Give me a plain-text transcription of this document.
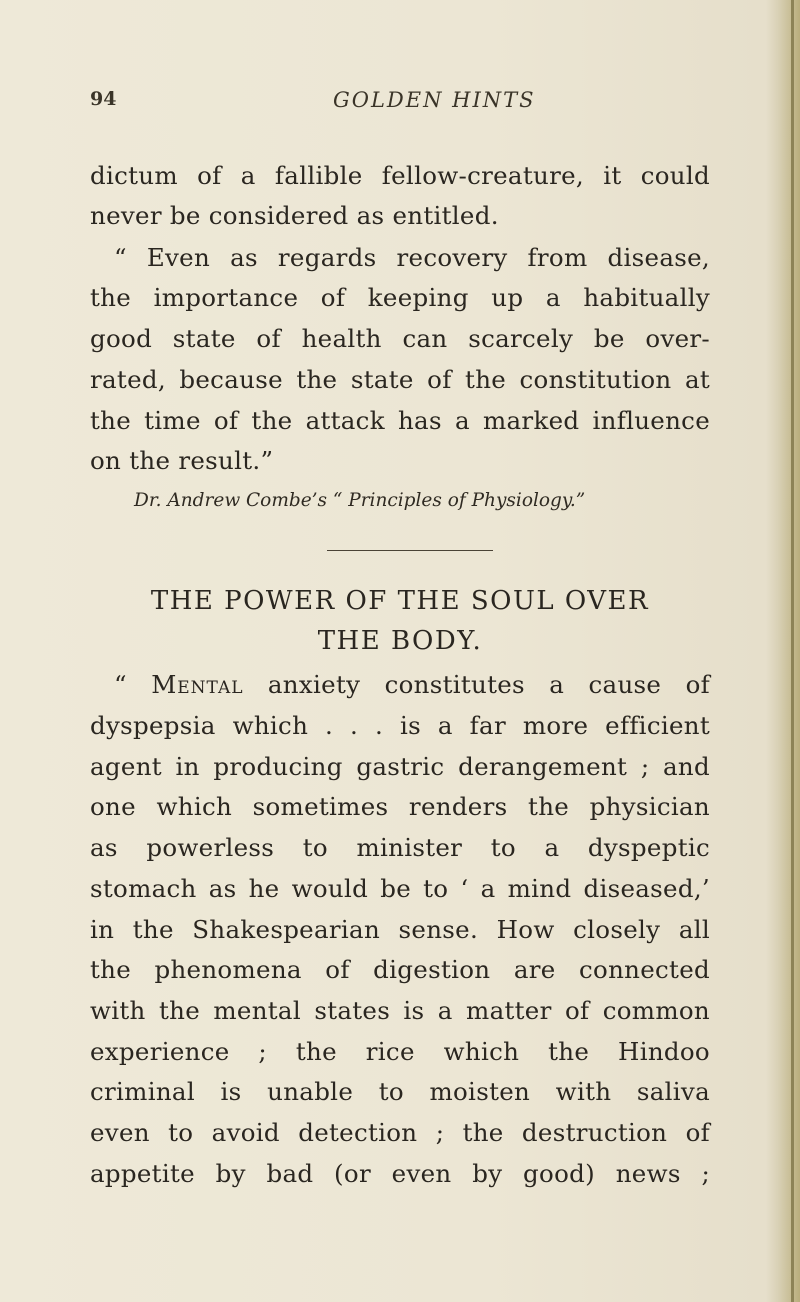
94	GOLDEN HINTS
dictum of a fallible fellow-creature, it could
never be considered as entitled.
“ Even as regards recovery from disease,
the importance of keeping up a habitually
good state of health can scarcely be over-
rated, because the state of the constitution at
the time of the attack has a marked influence
on the result.”
Dr. Andrew Combe’s “ Principles of Physiology.”
THE POWER OF THE SOUL OVER
THE BODY.
“ Mental anxiety constitutes a cause of
dyspepsia which . . . is a far more efficient
agent in producing gastric derangement ; and
one which sometimes renders the physician
as powerless to minister to a dyspeptic
stomach as he would be to ‘ a mind diseased,’
in the Shakespearian sense. How closely all
the phenomena of digestion are connected
with the mental states is a matter of common
experience ; the rice which the Hindoo
criminal is unable to moisten with saliva
even to avoid detection ; the destruction of
appetite by bad (or even by good) news ;
